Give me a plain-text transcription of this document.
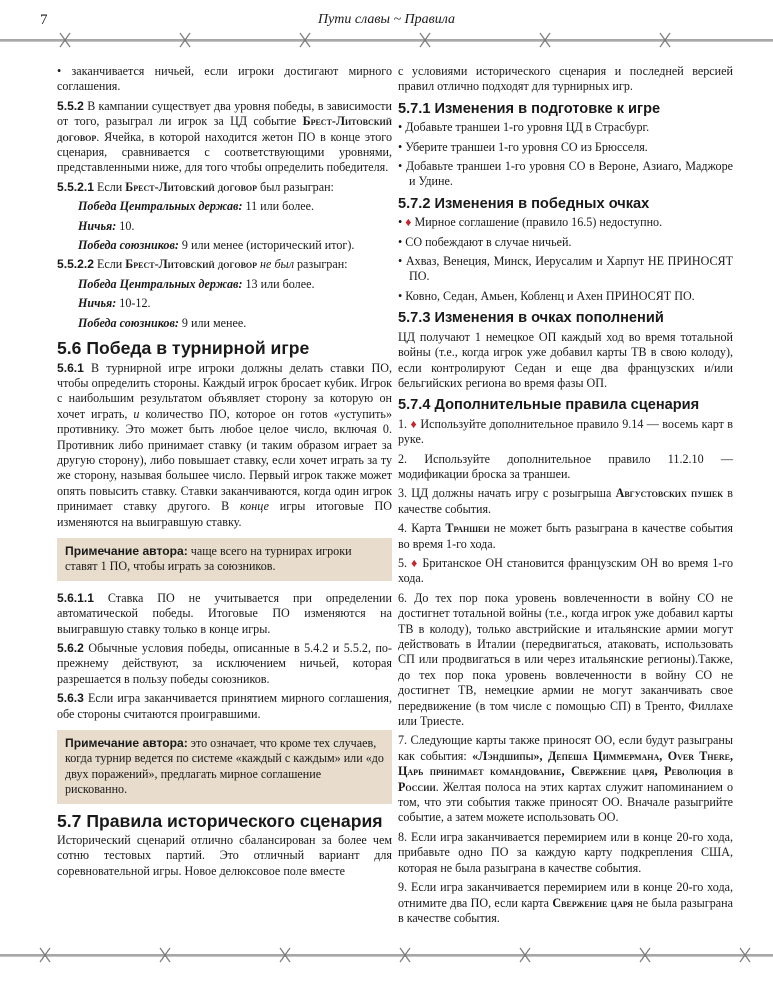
7	Пути славы ~ Правила

• заканчивается ничьей, если игроки достигают мирного соглашения.

5.5.2 В кампании существует два уровня победы, в зависимости от того, разыграл ли игрок за ЦД событие Брест-Литовский договор. Ячейка, в которой находится жетон ПО в конце этого сценария, сравнивается с соответствующими уровнями, представленными ниже, для того чтобы определить победителя.

5.5.2.1 Если Брест-Литовский договор был разыгран:

Победа Центральных держав: 11 или более.

Ничья: 10.

Победа союзников: 9 или менее (исторический итог).

5.5.2.2 Если Брест-Литовский договор не был разыгран:

Победа Центральных держав: 13 или более.

Ничья: 10-12.

Победа союзников: 9 или менее.

5.6 Победа в турнирной игре

5.6.1 В турнирной игре игроки должны делать ставки ПО, чтобы определить стороны. Каждый игрок бросает кубик. Игрок с наибольшим результатом объявляет сторону за которую он хочет играть, и количество ПО, которое он готов «уступить» противнику. Это может быть любое целое число, включая 0. Противник либо принимает ставку (и таким образом играет за другую сторону), либо повышает ставку, если хочет играть за ту же сторону, называя большее число. Первый игрок также может опять повысить ставку. Ставки заканчиваются, когда один игрок принимает ставку другого. В конце игры итоговые ПО изменяются на выигравшую ставку.

Примечание автора: чаще всего на турнирах игроки ставят 1 ПО, чтобы играть за союзников.

5.6.1.1 Ставка ПО не учитывается при определении автоматической победы. Итоговые ПО изменяются на выигравшую ставку только в конце игры.

5.6.2 Обычные условия победы, описанные в 5.4.2 и 5.5.2, по-прежнему действуют, за исключением ничьей, которая разрешается в пользу победы союзников.

5.6.3 Если игра заканчивается принятием мирного соглашения, обе стороны считаются проигравшими.

Примечание автора: это означает, что кроме тех случаев, когда турнир ведется по системе «каждый с каждым» или «до двух поражений», предлагать мирное соглашение рискованно.
5.7 Правила исторического сценария

Исторический сценарий отлично сбалансирован за более чем сотню тестовых партий. Это отличный вариант для соревновательной игры. Новое делюксовое поле вместе

с условиями исторического сценария и последней версией правил отлично подходят для турнирных игр.

5.7.1 Изменения в подготовке к игре

• Добавьте траншеи 1-го уровня ЦД в Страсбург.

• Уберите траншеи 1-го уровня СО из Брюсселя.

• Добавьте траншеи 1-го уровня СО в Вероне, Азиаго, Маджоре и Удине.

5.7.2 Изменения в победных очках

• ♦ Мирное соглашение (правило 16.5) недоступно.

• СО побеждают в случае ничьей.

• Ахваз, Венеция, Минск, Иерусалим и Харпут НЕ ПРИНОСЯТ ПО.

• Ковно, Седан, Амьен, Кобленц и Ахен ПРИНОСЯТ ПО.

5.7.3 Изменения в очках пополнений

ЦД получают 1 немецкое ОП каждый ход во время тотальной войны (т.е., когда игрок уже добавил карты ТВ в свою колоду), если контролируют Седан и еще два французских и/или бельгийских региона во время фазы ОП.

5.7.4 Дополнительные правила сценария

1. ♦ Используйте дополнительное правило 9.14 — восемь карт в руке.

2. Используйте дополнительное правило 11.2.10 — модификации броска за траншеи.

3. ЦД должны начать игру с розыгрыша Августовских пушек в качестве события.

4. Карта Траншеи не может быть разыграна в качестве события во время 1-го хода.

5. ♦ Британское ОН становится французским ОН во время 1-го хода.

6. До тех пор пока уровень вовлеченности в войну СО не достигнет тотальной войны (т.е., когда игрок уже добавил карты ТВ в колоду), только австрийские и итальянские армии могут действовать в Италии (передвигаться, атаковать, использовать СП или продвигаться в или через итальянские регионы).Также, до тех пор пока уровень вовлеченности в войну СО не достигнет ТВ, немецкие армии не могут заканчивать свое передвижение (в том числе с помощью СП) в Тренто, Филлахе или Триесте.

7. Следующие карты также приносят ОО, если будут разыграны как события: «Лэндшипы», Депеша Циммермана, Over There, Царь принимает командование, Свержение царя, Революция в России. Желтая полоса на этих картах служит напоминанием о том, что эти события также приносят ОО. Вначале разыгрийте событие, а затем можете использовать ОО.

8. Если игра заканчивается перемирием или в конце 20-го хода, прибавьте одно ПО за каждую карту подкрепления США, которая не была разыграна в качестве события.

9. Если игра заканчивается перемирием или в конце 20-го хода, отнимите два ПО, если карта Свержение царя не была разыграна в качестве события.
